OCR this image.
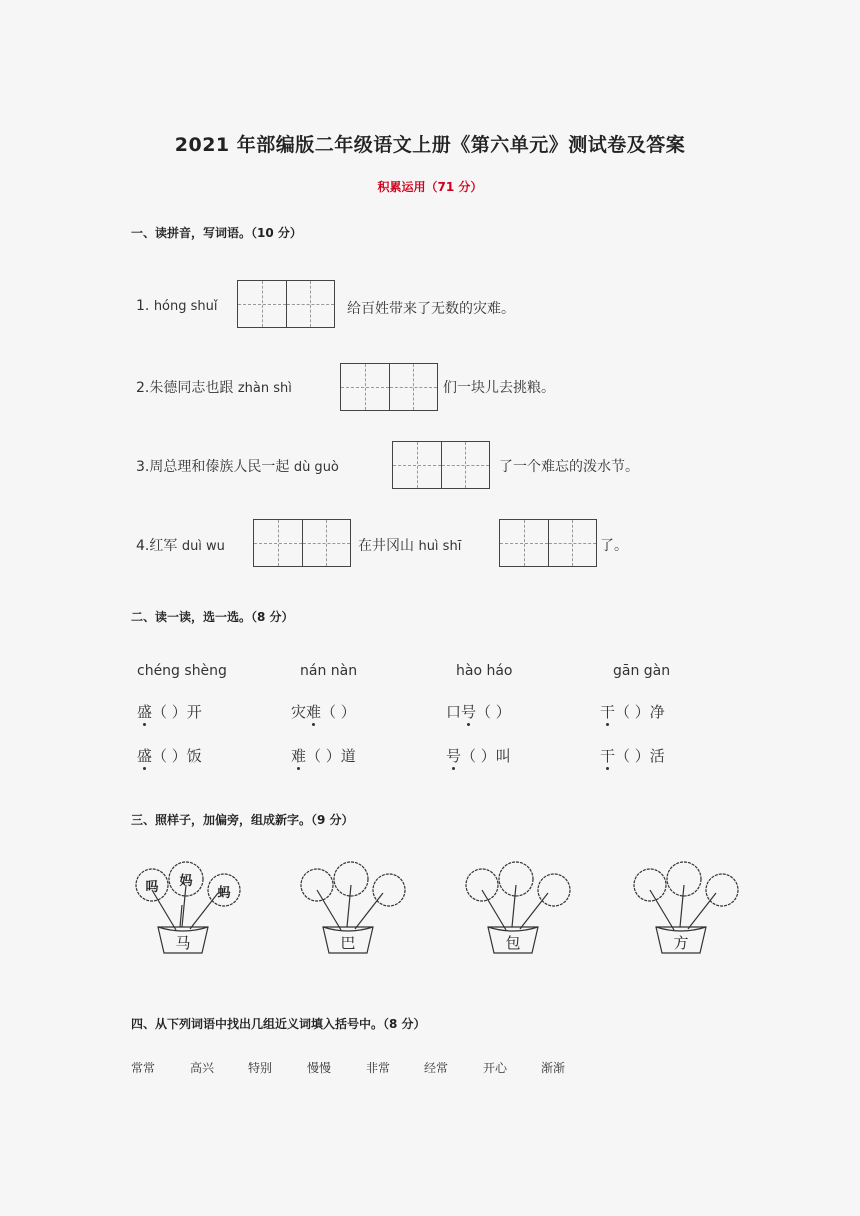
2021 年部编版二年级语文上册《第六单元》测试卷及答案
积累运用（71 分）
一、读拼音，写词语。（10 分）
1. hóng shuǐ	给百姓带来了无数的灾难。
2.朱德同志也跟 zhàn shì	们一块儿去挑粮。
3.周总理和傣族人民一起 dù guò	了一个难忘的泼水节。
4.红军 duì wu	在井冈山 huì shī	了。
二、读一读，选一选。（8 分）
chéng shèng	nán nàn	hào háo	gān gàn
盛（ ）开	灾难（ ）	口号（ ）	干（ ）净
盛（ ）饭	难（ ）道	号（ ）叫	干（ ）活
三、照样子，加偏旁，组成新字。（9 分）
吗	妈
蚂
马	巴	包	方
四、从下列词语中找出几组近义词填入括号中。（8 分）
常常	高兴	特别	慢慢	非常	经常	开心	渐渐
